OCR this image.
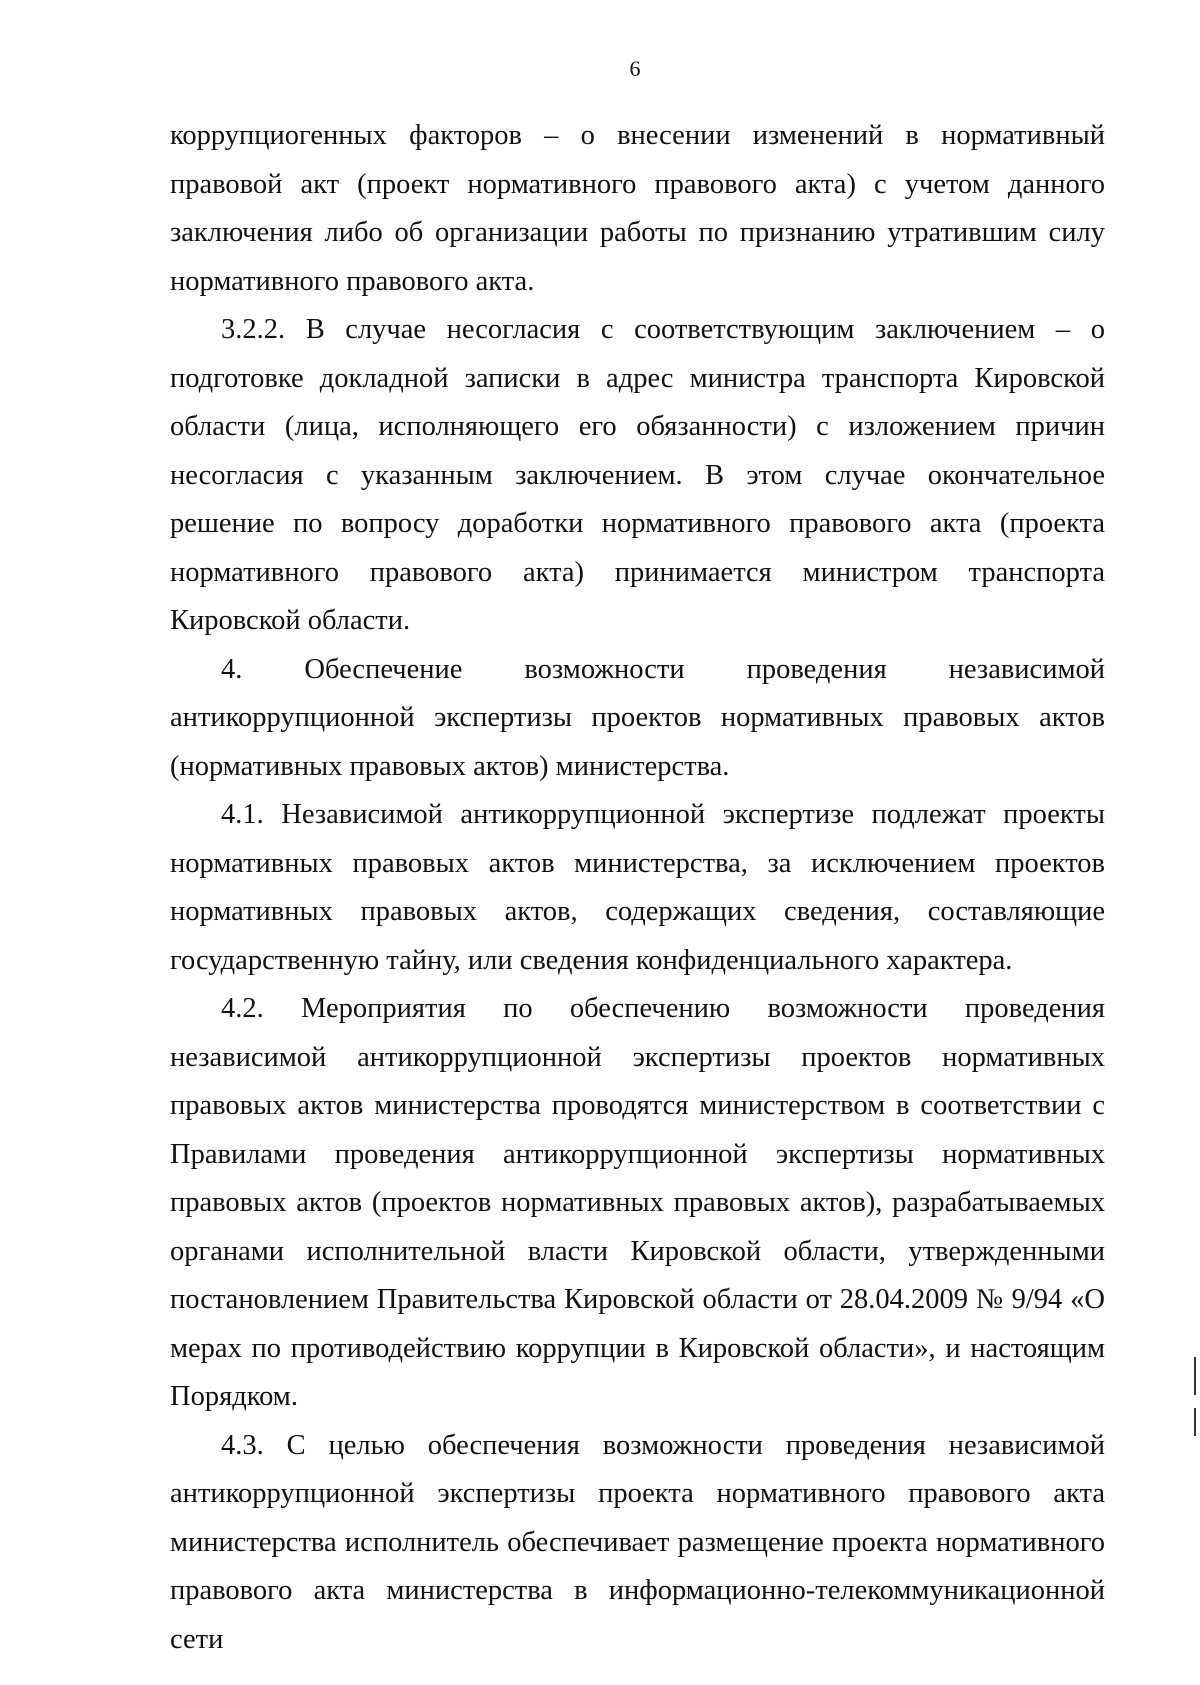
6

коррупциогенных факторов – о внесении изменений в нормативный правовой акт (проект нормативного правового акта) с учетом данного заключения либо об организации работы по признанию утратившим силу нормативного правового акта.

3.2.2. В случае несогласия с соответствующим заключением – о подготовке докладной записки в адрес министра транспорта Кировской области (лица, исполняющего его обязанности) с изложением причин несогласия с указанным заключением. В этом случае окончательное решение по вопросу доработки нормативного правового акта (проекта нормативного правового акта) принимается министром транспорта Кировской области.

4. Обеспечение возможности проведения независимой антикоррупционной экспертизы проектов нормативных правовых актов (нормативных правовых актов) министерства.

4.1. Независимой антикоррупционной экспертизе подлежат проекты нормативных правовых актов министерства, за исключением проектов нормативных правовых актов, содержащих сведения, составляющие государственную тайну, или сведения конфиденциального характера.

4.2. Мероприятия по обеспечению возможности проведения независимой антикоррупционной экспертизы проектов нормативных правовых актов министерства проводятся министерством в соответствии с Правилами проведения антикоррупционной экспертизы нормативных правовых актов (проектов нормативных правовых актов), разрабатываемых органами исполнительной власти Кировской области, утвержденными постановлением Правительства Кировской области от 28.04.2009 № 9/94 «О мерах по противодействию коррупции в Кировской области», и настоящим Порядком.

4.3. С целью обеспечения возможности проведения независимой антикоррупционной экспертизы проекта нормативного правового акта министерства исполнитель обеспечивает размещение проекта нормативного правового акта министерства в информационно-телекоммуникационной сети
